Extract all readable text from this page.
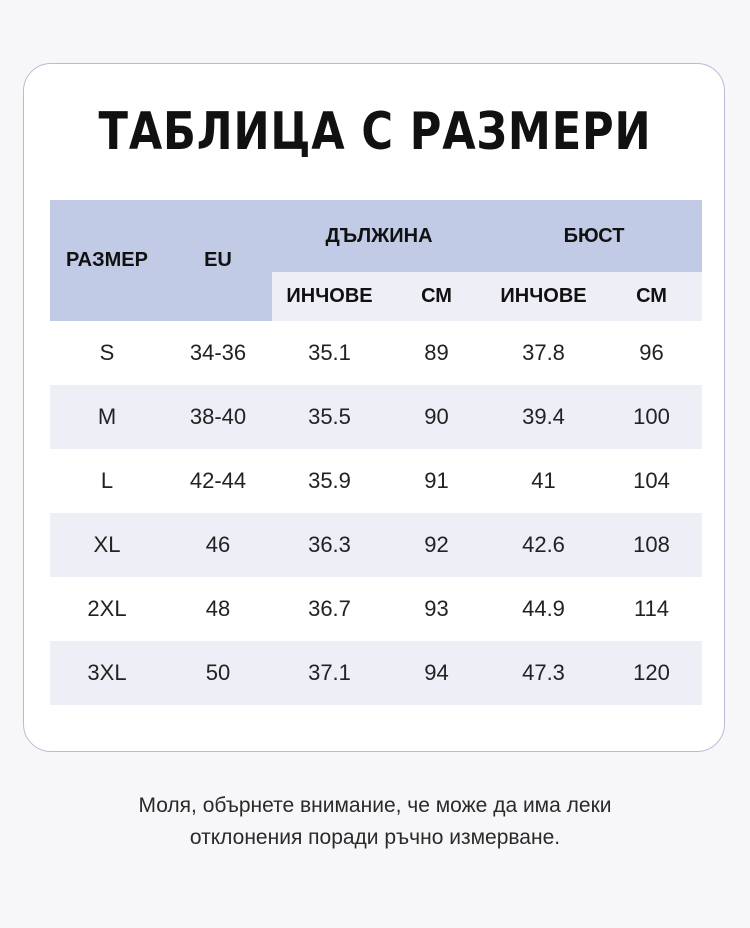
ТАБЛИЦА С РАЗМЕРИ
РАЗМЕР	EU	ДЪЛЖИНА		БЮСТ	
		ИНЧОВЕ	СМ	ИНЧОВЕ	СМ
S	34-36	35.1	89	37.8	96
M	38-40	35.5	90	39.4	100
L	42-44	35.9	91	41	104
XL	46	36.3	92	42.6	108
2XL	48	36.7	93	44.9	114
3XL	50	37.1	94	47.3	120
Моля, обърнете внимание, че може да има леки
отклонения поради ръчно измерване.
